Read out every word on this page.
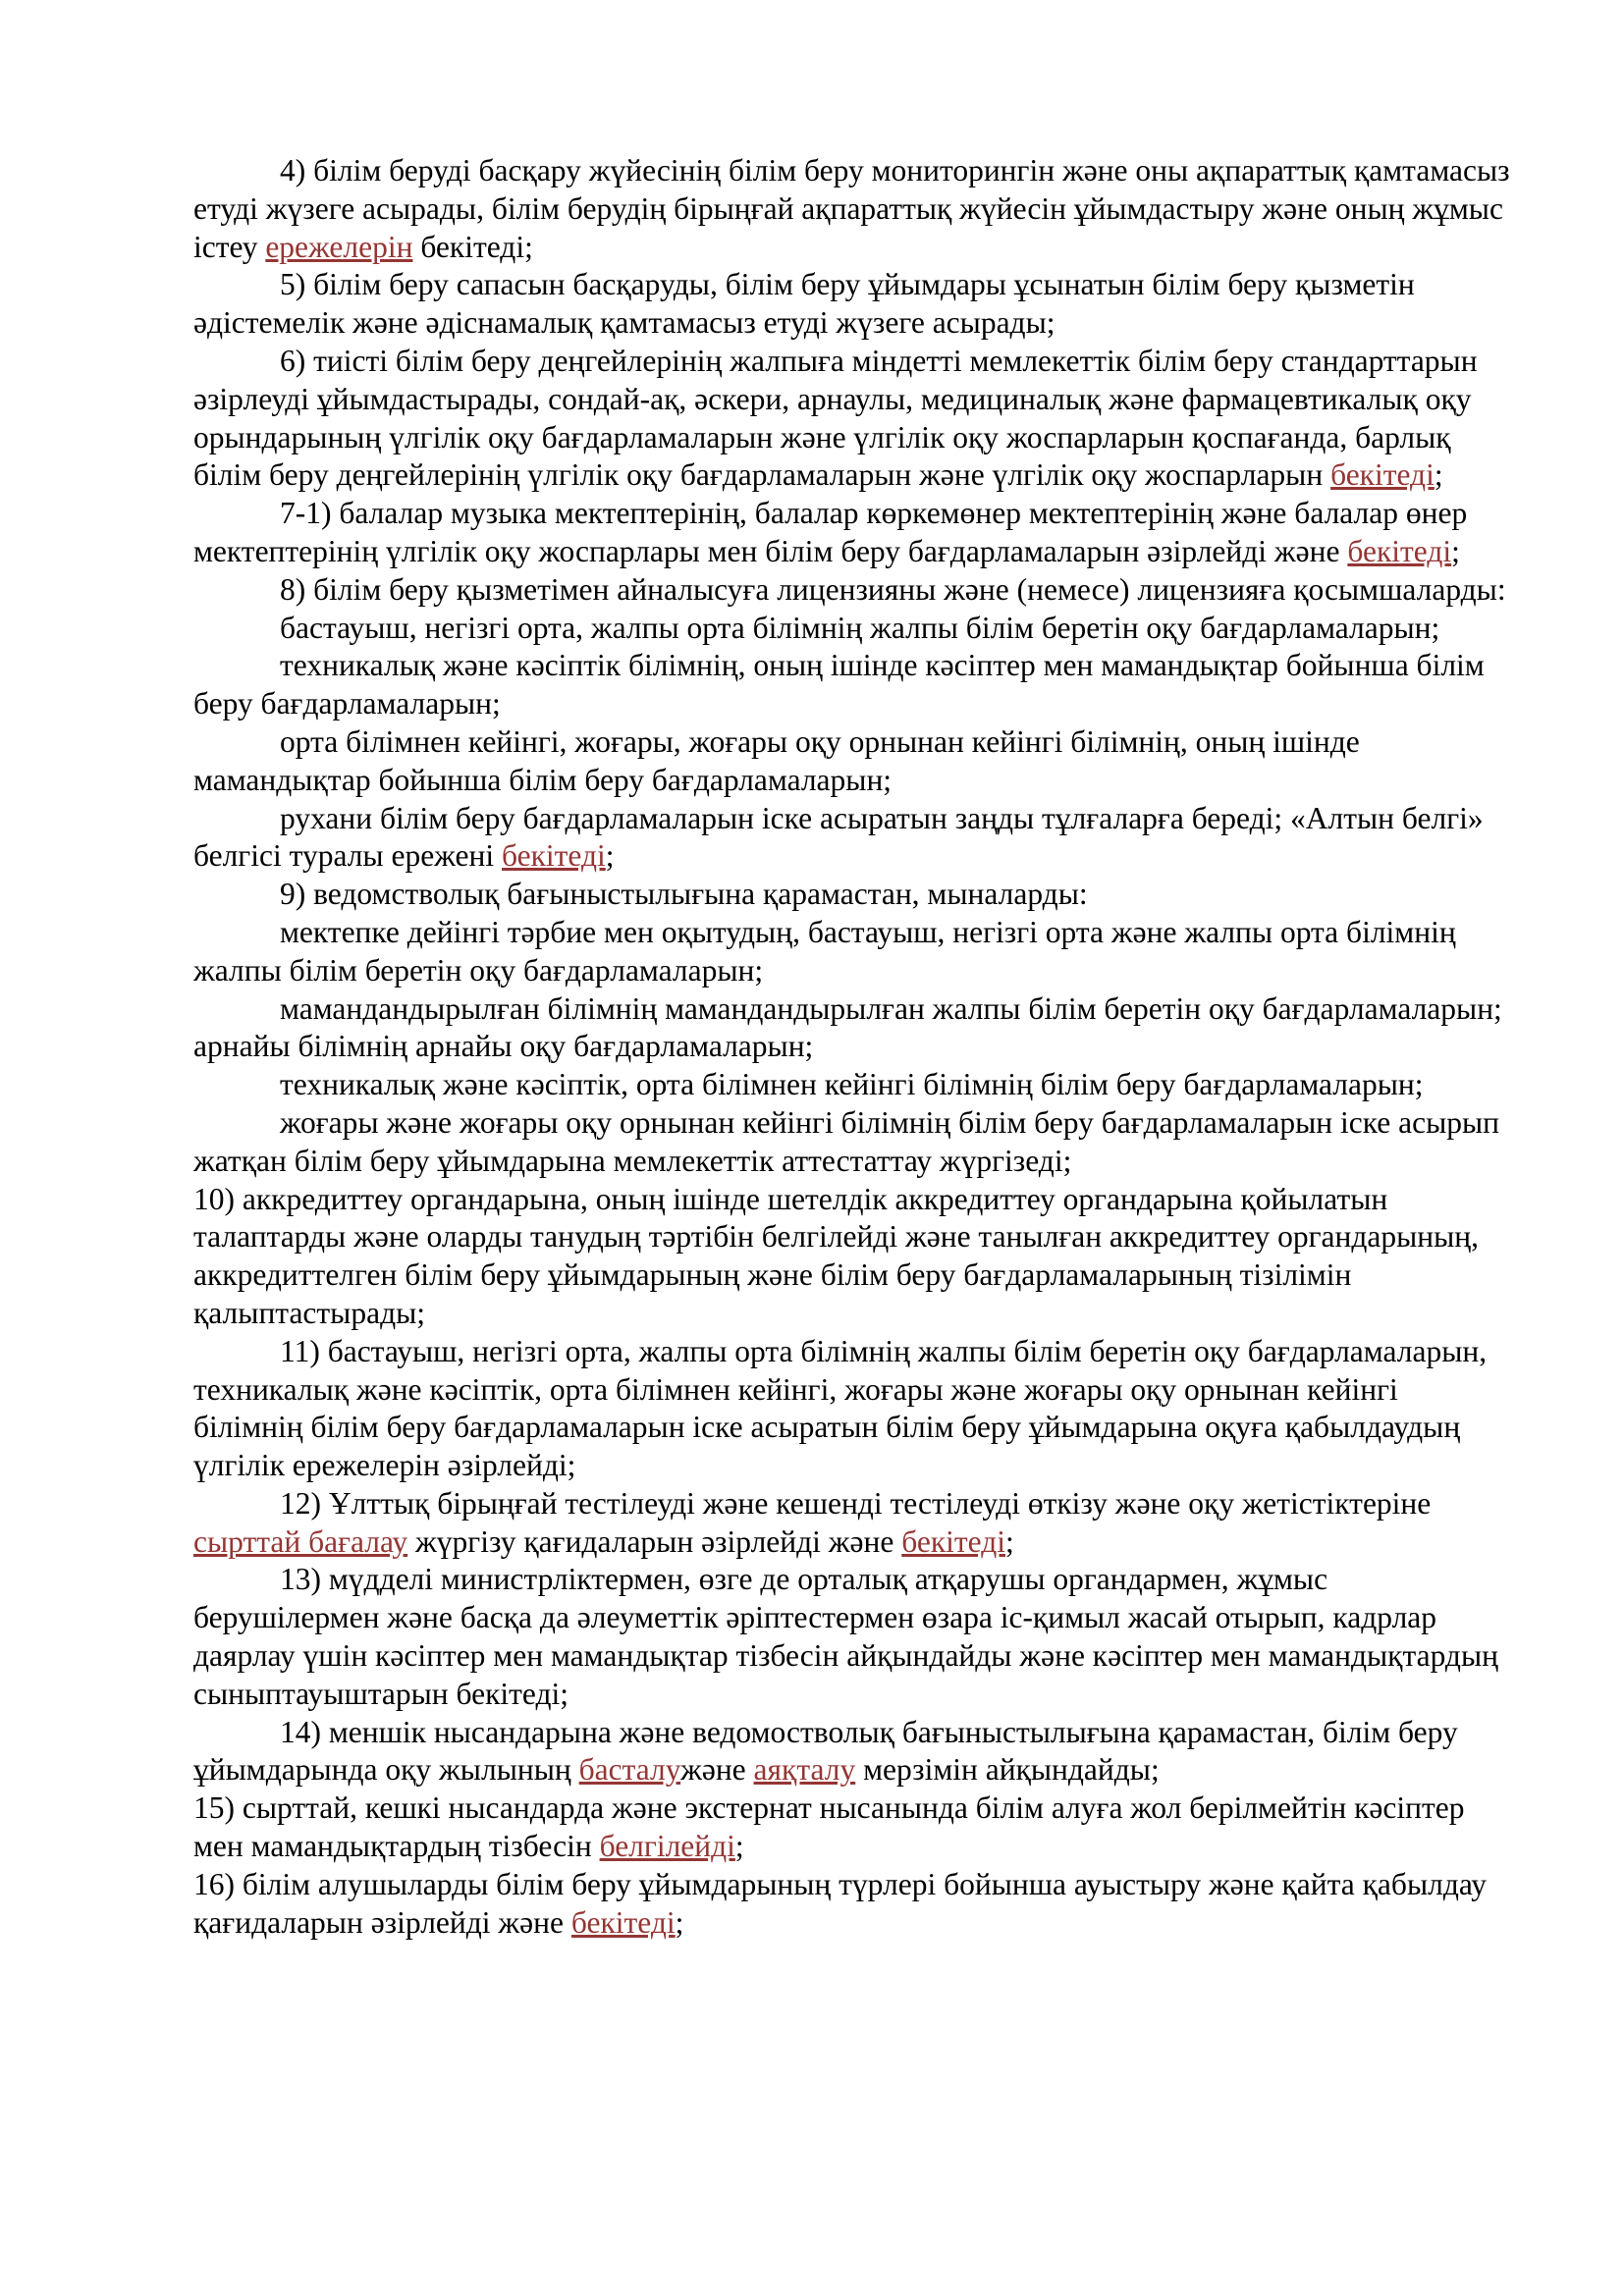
4) білім беруді басқару жүйесінің білім беру мониторингін және оны ақпараттық қамтамасыз етуді жүзеге асырады, білім берудің бірыңғай ақпараттық жүйесін ұйымдастыру және оның жұмыс істеу ережелерін бекітеді;

5) білім беру сапасын басқаруды, білім беру ұйымдары ұсынатын білім беру қызметін әдістемелік және әдіснамалық қамтамасыз етуді жүзеге асырады;

6) тиісті білім беру деңгейлерінің жалпыға міндетті мемлекеттік білім беру стандарттарын әзірлеуді ұйымдастырады, сондай-ақ, әскери, арнаулы, медициналық және фармацевтикалық оқу орындарының үлгілік оқу бағдарламаларын және үлгілік оқу жоспарларын қоспағанда, барлық білім беру деңгейлерінің үлгілік оқу бағдарламаларын және үлгілік оқу жоспарларын бекітеді;

7-1) балалар музыка мектептерінің, балалар көркемөнер мектептерінің және балалар өнер мектептерінің үлгілік оқу жоспарлары мен білім беру бағдарламаларын әзірлейді және бекітеді;

8) білім беру қызметімен айналысуға лицензияны және (немесе) лицензияға қосымшаларды:

бастауыш, негізгі орта, жалпы орта білімнің жалпы білім беретін оқу бағдарламаларын;

техникалық және кәсіптік білімнің, оның ішінде кәсіптер мен мамандықтар бойынша білім беру бағдарламаларын;

орта білімнен кейінгі, жоғары, жоғары оқу орнынан кейінгі білімнің, оның ішінде мамандықтар бойынша білім беру бағдарламаларын;

рухани білім беру бағдарламаларын іске асыратын заңды тұлғаларға береді; «Алтын белгі» белгісі туралы ережені бекітеді;

9) ведомстволық бағыныстылығына қарамастан, мыналарды:

мектепке дейінгі тәрбие мен оқытудың, бастауыш, негізгі орта және жалпы орта білімнің жалпы білім беретін оқу бағдарламаларын;

мамандандырылған білімнің мамандандырылған жалпы білім беретін оқу бағдарламаларын; арнайы білімнің арнайы оқу бағдарламаларын;

техникалық және кәсіптік, орта білімнен кейінгі білімнің білім беру бағдарламаларын;

жоғары және жоғары оқу орнынан кейінгі білімнің білім беру бағдарламаларын іске асырып жатқан білім беру ұйымдарына мемлекеттік аттестаттау жүргізеді;

10) аккредиттеу органдарына, оның ішінде шетелдік аккредиттеу органдарына қойылатын талаптарды және оларды танудың тәртібін белгілейді және танылған аккредиттеу органдарының, аккредиттелген білім беру ұйымдарының және білім беру бағдарламаларының тізілімін қалыптастырады;

11) бастауыш, негізгі орта, жалпы орта білімнің жалпы білім беретін оқу бағдарламаларын, техникалық және кәсіптік, орта білімнен кейінгі, жоғары және жоғары оқу орнынан кейінгі білімнің білім беру бағдарламаларын іске асыратын білім беру ұйымдарына оқуға қабылдаудың үлгілік ережелерін әзірлейді;

12) Ұлттық бірыңғай тестілеуді және кешенді тестілеуді өткізу және оқу жетістіктеріне сырттай бағалау жүргізу қағидаларын әзірлейді және бекітеді;

13) мүдделі министрліктермен, өзге де орталық атқарушы органдармен, жұмыс берушілермен және басқа да әлеуметтік әріптестермен өзара іс-қимыл жасай отырып, кадрлар даярлау үшін кәсіптер мен мамандықтар тізбесін айқындайды және кәсіптер мен мамандықтардың сыныптауыштарын бекітеді;

14) меншік нысандарына және ведомостволық бағыныстылығына қарамастан, білім беру ұйымдарында оқу жылының басталужәне аяқталу мерзімін айқындайды;

15) сырттай, кешкі нысандарда және экстернат нысанында білім алуға жол берілмейтін кәсіптер мен мамандықтардың тізбесін белгілейді;

16) білім алушыларды білім беру ұйымдарының түрлері бойынша ауыстыру және қайта қабылдау қағидаларын әзірлейді және бекітеді;
